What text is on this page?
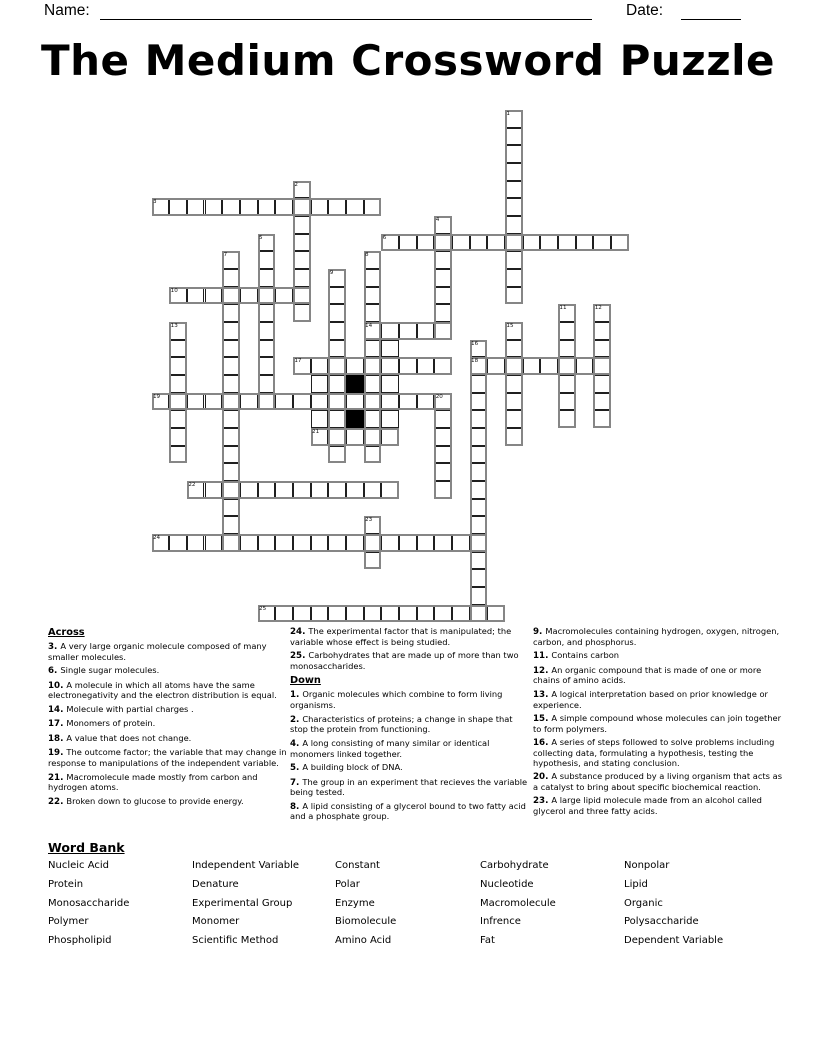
Name:	Date:
The Medium Crossword Puzzle
3
6
10
14
17	18
19
21
22
24
25
1
2
4
5
7	8
9
11	12
13	15
16
20
23
Across
3. A very large organic molecule composed of many smaller molecules.
6. Single sugar molecules.
10. A molecule in which all atoms have the same electronegativity and the electron distribution is equal.
14. Molecule with partial charges .
17. Monomers of protein.
18. A value that does not change.
19. The outcome factor; the variable that may change in response to manipulations of the independent variable.
21. Macromolecule made mostly from carbon and hydrogen atoms.
22. Broken down to glucose to provide energy.
24. The experimental factor that is manipulated; the variable whose effect is being studied.
25. Carbohydrates that are made up of more than two monosaccharides.
Down
1. Organic molecules which combine to form living organisms.
2. Characteristics of proteins; a change in shape that stop the protein from functioning.
4. A long consisting of many similar or identical monomers linked together.
5. A building block of DNA.
7. The group in an experiment that recieves the variable being tested.
8. A lipid consisting of a glycerol bound to two fatty acid and a phosphate group.
9. Macromolecules containing hydrogen, oxygen, nitrogen, carbon, and phosphorus.
11. Contains carbon
12. An organic compound that is made of one or more chains of amino acids.
13. A logical interpretation based on prior knowledge or experience.
15. A simple compound whose molecules can join together to form polymers.
16. A series of steps followed to solve problems including collecting data, formulating a hypothesis, testing the hypothesis, and stating conclusion.
20. A substance produced by a living organism that acts as a catalyst to bring about specific biochemical reaction.
23. A large lipid molecule made from an alcohol called glycerol and three fatty acids.
Word Bank
Nucleic Acid
Protein
Monosaccharide
Polymer
Phospholipid
Independent Variable
Denature
Experimental Group
Monomer
Scientific Method
Constant
Polar
Enzyme
Biomolecule
Amino Acid
Carbohydrate
Nucleotide
Macromolecule
Infrence
Fat
Nonpolar
Lipid
Organic
Polysaccharide
Dependent Variable
